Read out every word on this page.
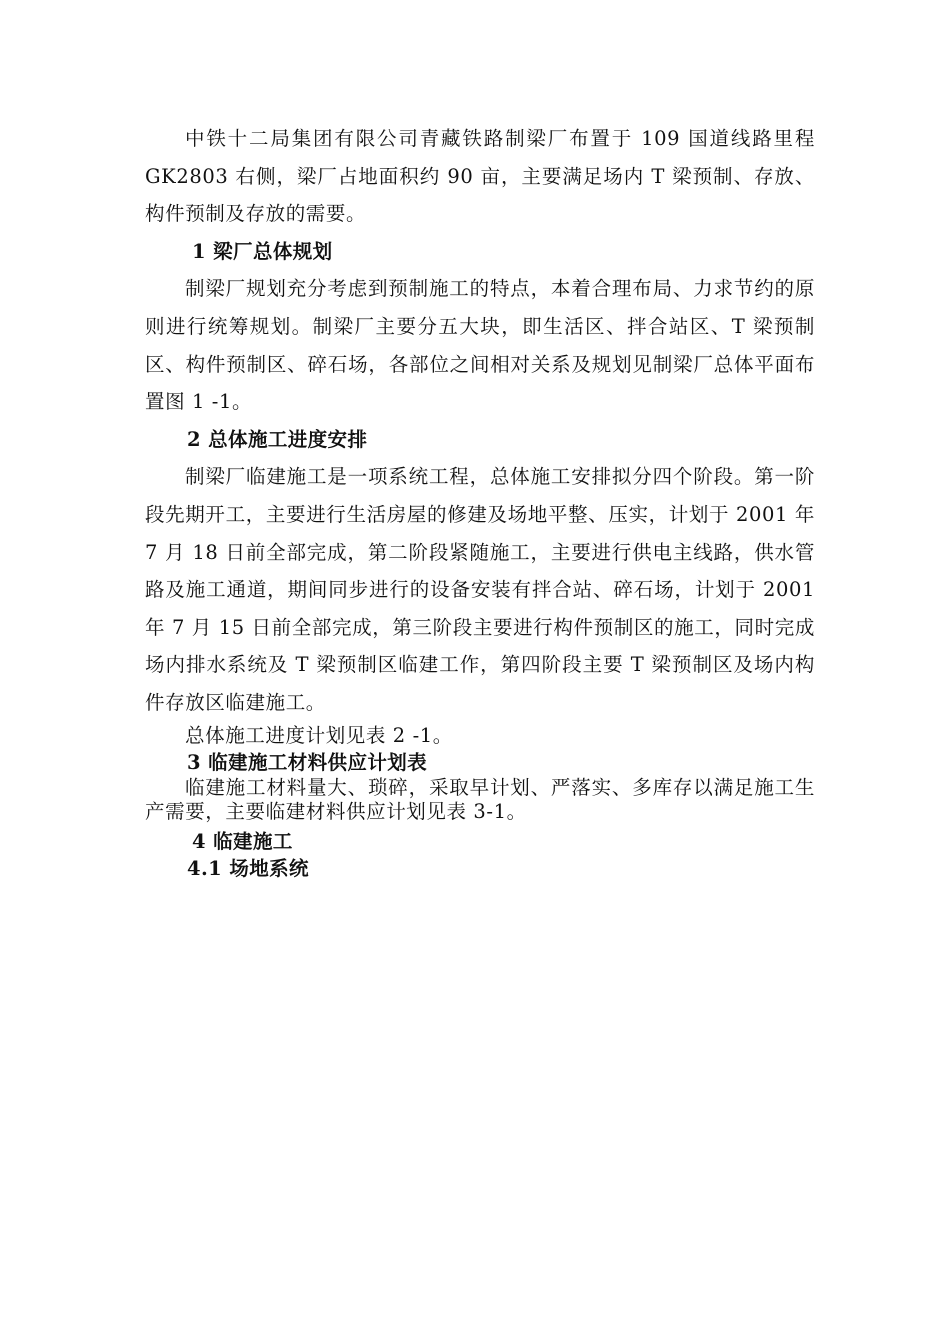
中铁十二局集团有限公司青藏铁路制梁厂布置于 109 国道线路里程 GK2803 右侧，梁厂占地面积约 90 亩，主要满足场内 T 梁预制、存放、构件预制及存放的需要。

1 梁厂总体规划

制梁厂规划充分考虑到预制施工的特点，本着合理布局、力求节约的原则进行统筹规划。制梁厂主要分五大块，即生活区、拌合站区、T 梁预制区、构件预制区、碎石场，各部位之间相对关系及规划见制梁厂总体平面布置图 1 -1。

2 总体施工进度安排

制梁厂临建施工是一项系统工程，总体施工安排拟分四个阶段。第一阶段先期开工，主要进行生活房屋的修建及场地平整、压实，计划于 2001 年 7 月 18 日前全部完成，第二阶段紧随施工，主要进行供电主线路，供水管路及施工通道，期间同步进行的设备安装有拌合站、碎石场，计划于 2001 年 7 月 15 日前全部完成，第三阶段主要进行构件预制区的施工，同时完成场内排水系统及 T 梁预制区临建工作，第四阶段主要 T 梁预制区及场内构件存放区临建施工。

总体施工进度计划见表 2 -1。

3 临建施工材料供应计划表

临建施工材料量大、琐碎，采取早计划、严落实、多库存以满足施工生产需要，主要临建材料供应计划见表 3-1。

4 临建施工

4.1 场地系统
